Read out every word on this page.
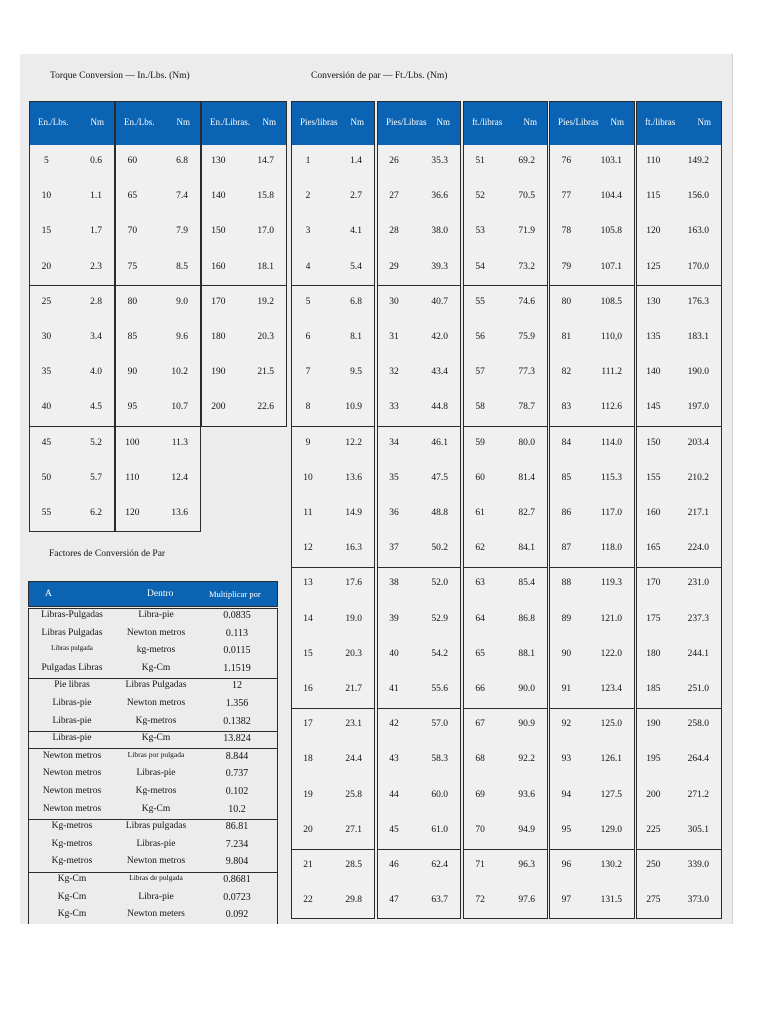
Torque Conversion — In./Lbs. (Nm)	Conversión de par — Ft./Lbs. (Nm)
Factores de Conversión de Par
En./Lbs. Nm
5	0.6
10	1.1
15	1.7
20	2.3
25	2.8
30	3.4
35	4.0
40	4.5
45	5.2
50	5.7
55	6.2
En./Lbs. Nm
60	6.8
65	7.4
70	7.9
75	8.5
80	9.0
85	9.6
90	10.2
95	10.7
100	11.3
110	12.4
120	13.6
En./Libras. Nm
130	14.7
140	15.8
150	17.0
160	18.1
170	19.2
180	20.3
190	21.5
200	22.6
Pies/libras Nm
1	1.4
2	2.7
3	4.1
4	5.4
5	6.8
6	8.1
7	9.5
8	10.9
9	12.2
10	13.6
11	14.9
12	16.3
13	17.6
14	19.0
15	20.3
16	21.7
17	23.1
18	24.4
19	25.8
20	27.1
21	28.5
22	29.8
Pies/Libras Nm
26	35.3
27	36.6
28	38.0
29	39.3
30	40.7
31	42.0
32	43.4
33	44.8
34	46.1
35	47.5
36	48.8
37	50.2
38	52.0
39	52.9
40	54.2
41	55.6
42	57.0
43	58.3
44	60.0
45	61.0
46	62.4
47	63.7
ft./libras Nm
51	69.2
52	70.5
53	71.9
54	73.2
55	74.6
56	75.9
57	77.3
58	78.7
59	80.0
60	81.4
61	82.7
62	84.1
63	85.4
64	86.8
65	88.1
66	90.0
67	90.9
68	92.2
69	93.6
70	94.9
71	96.3
72	97.6
Pies/Libras Nm
76	103.1
77	104.4
78	105.8
79	107.1
80	108.5
81	110,0
82	111.2
83	112.6
84	114.0
85	115.3
86	117.0
87	118.0
88	119.3
89	121.0
90	122.0
91	123.4
92	125.0
93	126.1
94	127.5
95	129.0
96	130.2
97	131.5
ft./libras Nm
110	149.2
115	156.0
120	163.0
125	170.0
130	176.3
135	183.1
140	190.0
145	197.0
150	203.4
155	210.2
160	217.1
165	224.0
170	231.0
175	237.3
180	244.1
185	251.0
190	258.0
195	264.4
200	271.2
225	305.1
250	339.0
275	373.0
A	Dentro	Multiplicar por
Libras-Pulgadas	Libra-pie	0.0835
Libras Pulgadas	Newton metros	0.113
Libras pulgada	kg-metros	0.0115
Pulgadas Libras	Kg-Cm	1.1519
Pie libras	Libras Pulgadas	12
Libras-pie	Newton metros	1.356
Libras-pie	Kg-metros	0.1382
Libras-pie	Kg-Cm	13.824
Newton metros	Libras por pulgada	8.844
Newton metros	Libras-pie	0.737
Newton metros	Kg-metros	0.102
Newton metros	Kg-Cm	10.2
Kg-metros	Libras pulgadas	86.81
Kg-metros	Libras-pie	7.234
Kg-metros	Newton metros	9.804
Kg-Cm	Libras de pulgada	0.8681
Kg-Cm	Libra-pie	0.0723
Kg-Cm	Newton meters	0.092
